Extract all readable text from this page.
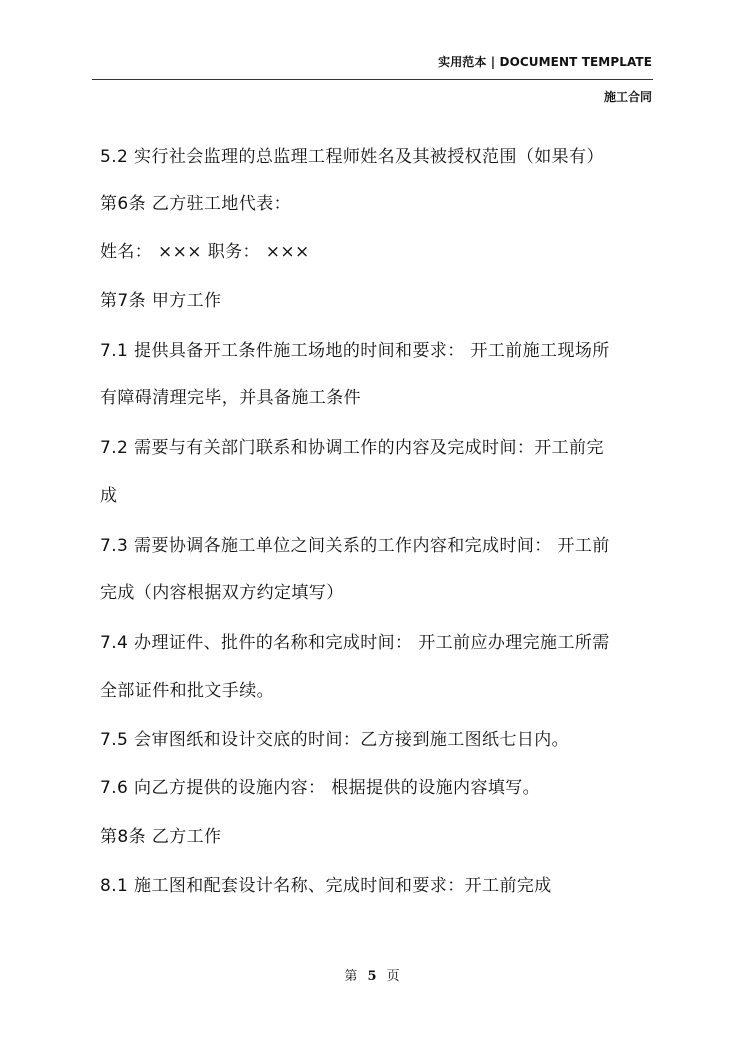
实用范本 | DOCUMENT TEMPLATE
施工合同
5.2 实行社会监理的总监理工程师姓名及其被授权范围（如果有）
第6条 乙方驻工地代表：
姓名： ××× 职务： ×××
第7条 甲方工作
7.1 提供具备开工条件施工场地的时间和要求： 开工前施工现场所
有障碍清理完毕，并具备施工条件
7.2 需要与有关部门联系和协调工作的内容及完成时间：开工前完
成
7.3 需要协调各施工单位之间关系的工作内容和完成时间： 开工前
完成（内容根据双方约定填写）
7.4 办理证件、批件的名称和完成时间： 开工前应办理完施工所需
全部证件和批文手续。
7.5 会审图纸和设计交底的时间：乙方接到施工图纸七日内。
7.6 向乙方提供的设施内容： 根据提供的设施内容填写。
第8条 乙方工作
8.1 施工图和配套设计名称、完成时间和要求：开工前完成
第 5 页
